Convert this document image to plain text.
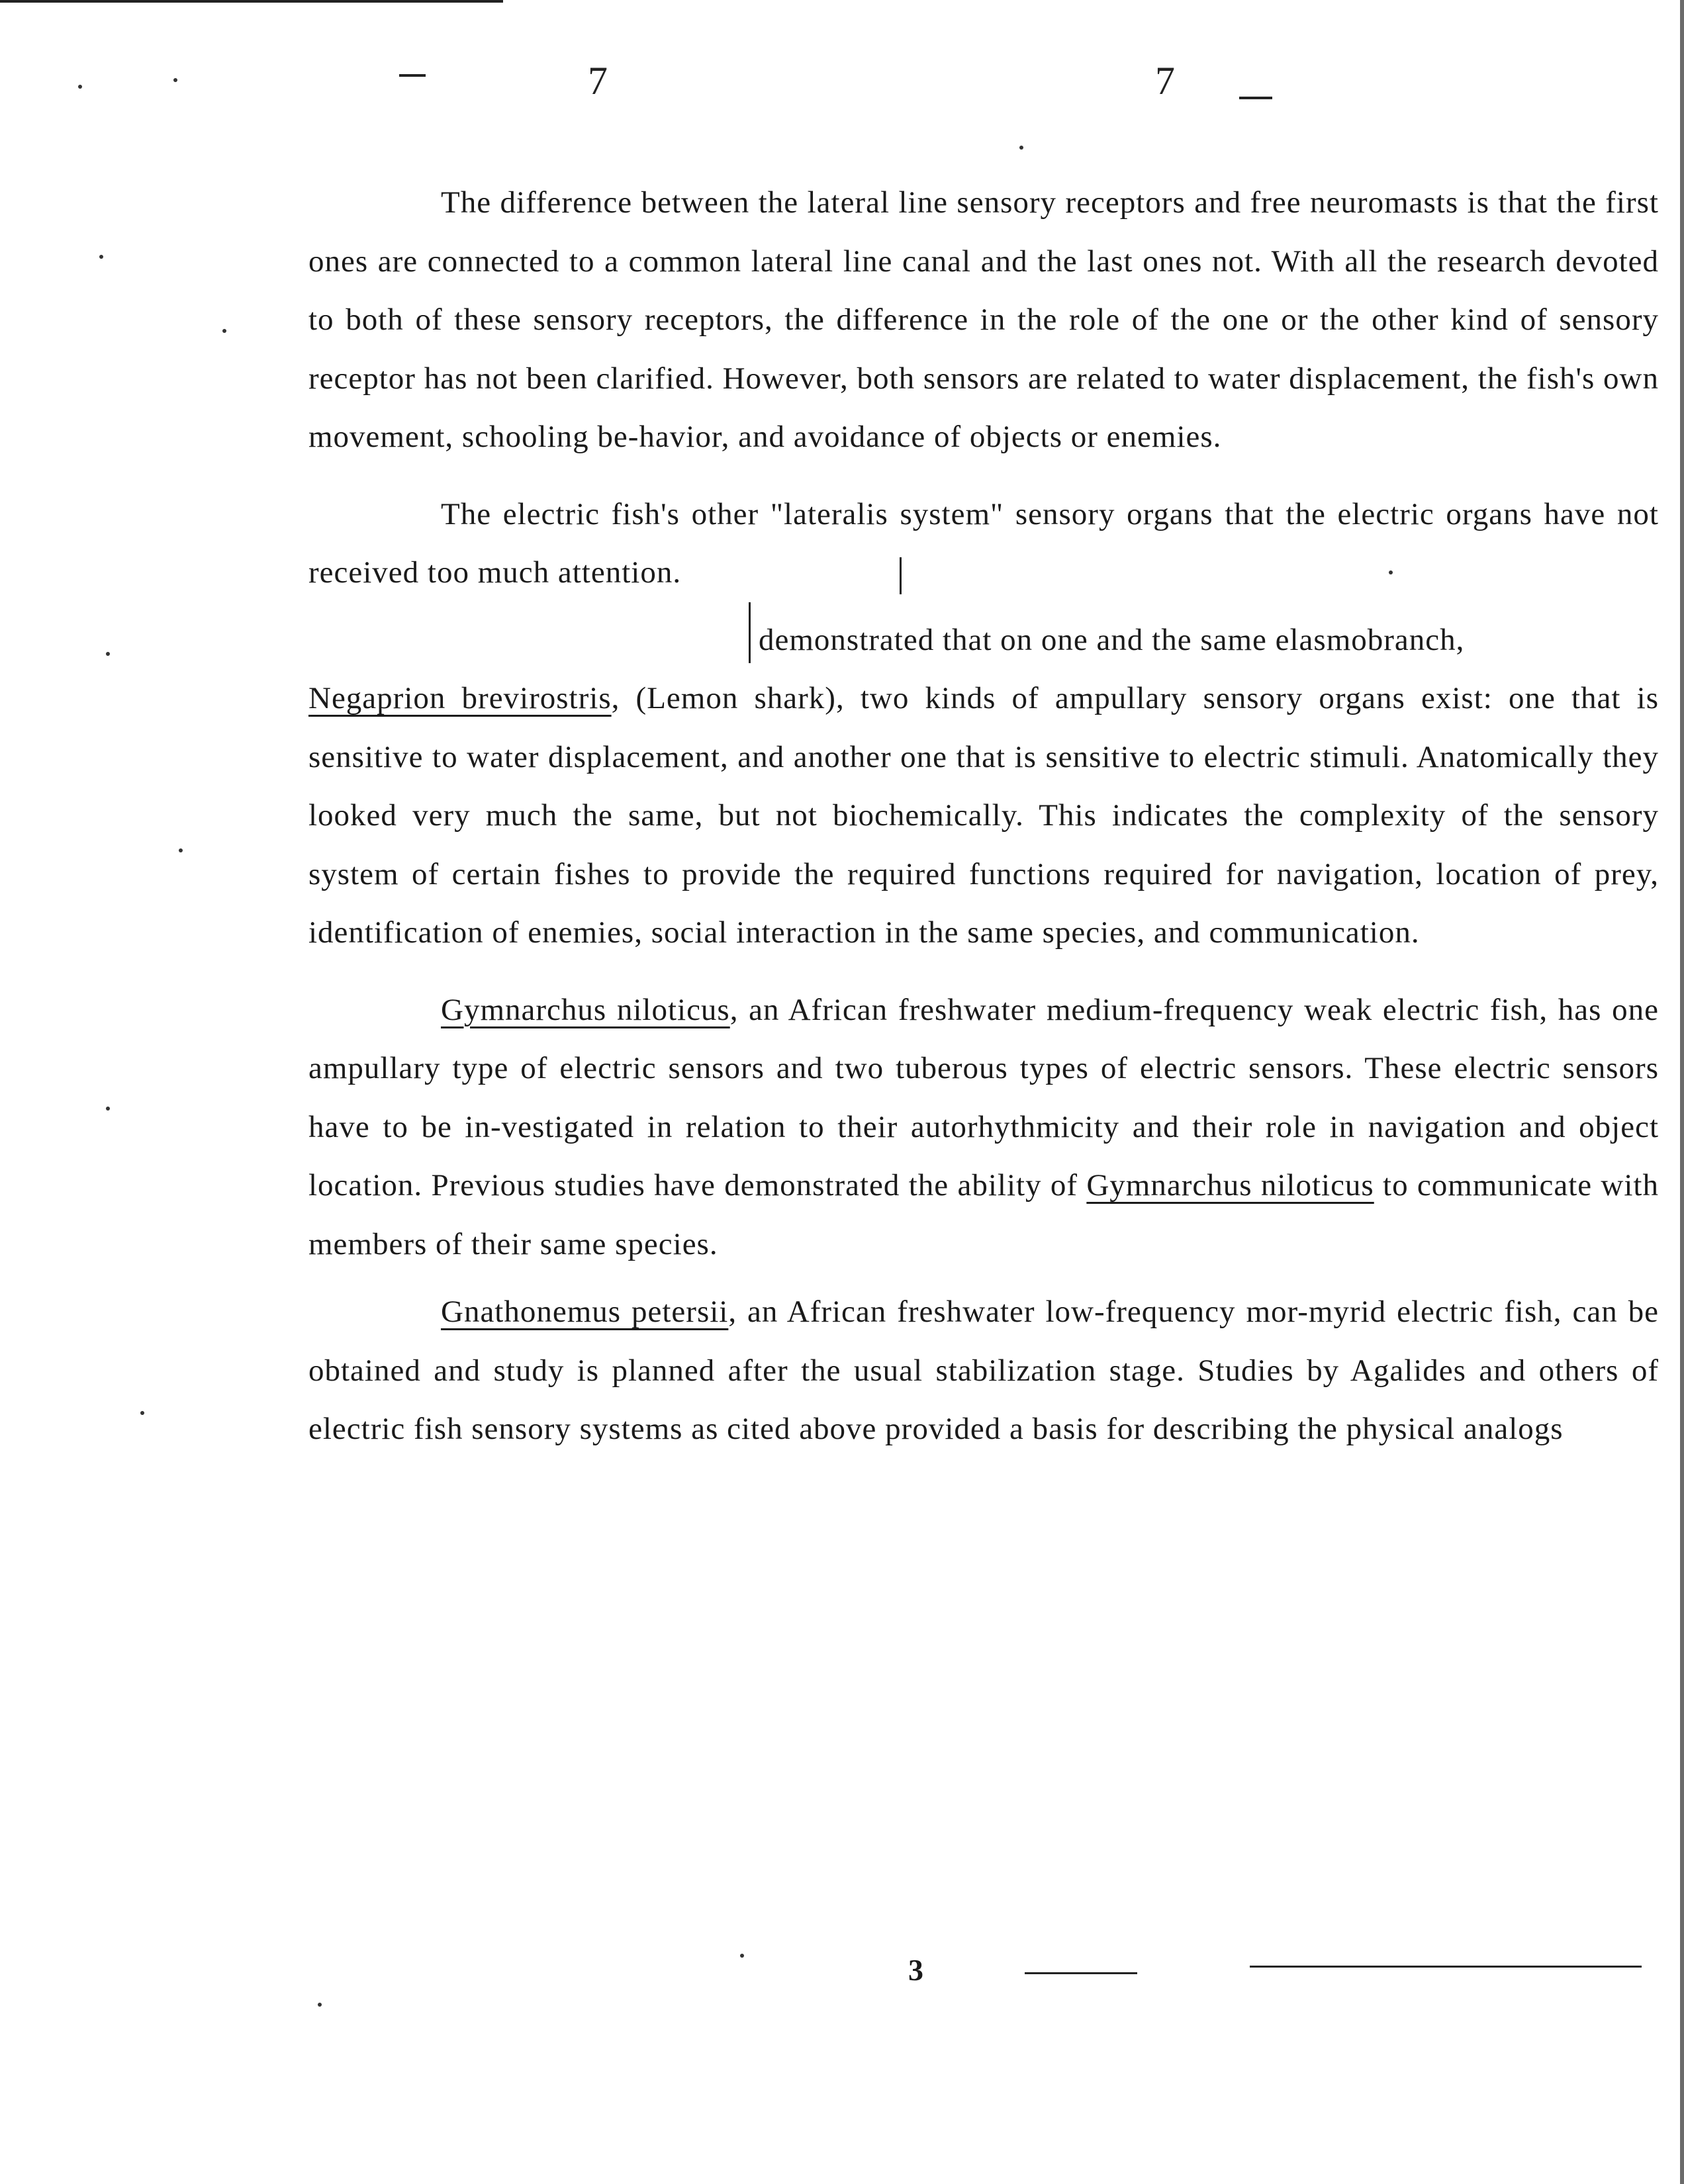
7	7

The difference between the lateral line sensory receptors and free neuromasts is that the first ones are connected to a common lateral line canal and the last ones not. With all the research devoted to both of these sensory receptors, the difference in the role of the one or the other kind of sensory receptor has not been clarified. However, both sensors are related to water displacement, the fish's own movement, schooling be-havior, and avoidance of objects or enemies.

The electric fish's other "lateralis system" sensory organs that the electric organs have not received too much attention.
demonstrated that on one and the same elasmobranch,
Negaprion brevirostris, (Lemon shark), two kinds of ampullary sensory organs exist: one that is sensitive to water displacement, and another one that is sensitive to electric stimuli. Anatomically they looked very much the same, but not biochemically. This indicates the complexity of the sensory system of certain fishes to provide the required functions required for navigation, location of prey, identification of enemies, social interaction in the same species, and communication.

Gymnarchus niloticus, an African freshwater medium-frequency weak electric fish, has one ampullary type of electric sensors and two tuberous types of electric sensors. These electric sensors have to be in-vestigated in relation to their autorhythmicity and their role in navigation and object location. Previous studies have demonstrated the ability of Gymnarchus niloticus to communicate with members of their same species.

Gnathonemus petersii, an African freshwater low-frequency mor-myrid electric fish, can be obtained and study is planned after the usual stabilization stage. Studies by Agalides and others of electric fish sensory systems as cited above provided a basis for describing the physical analogs

3
